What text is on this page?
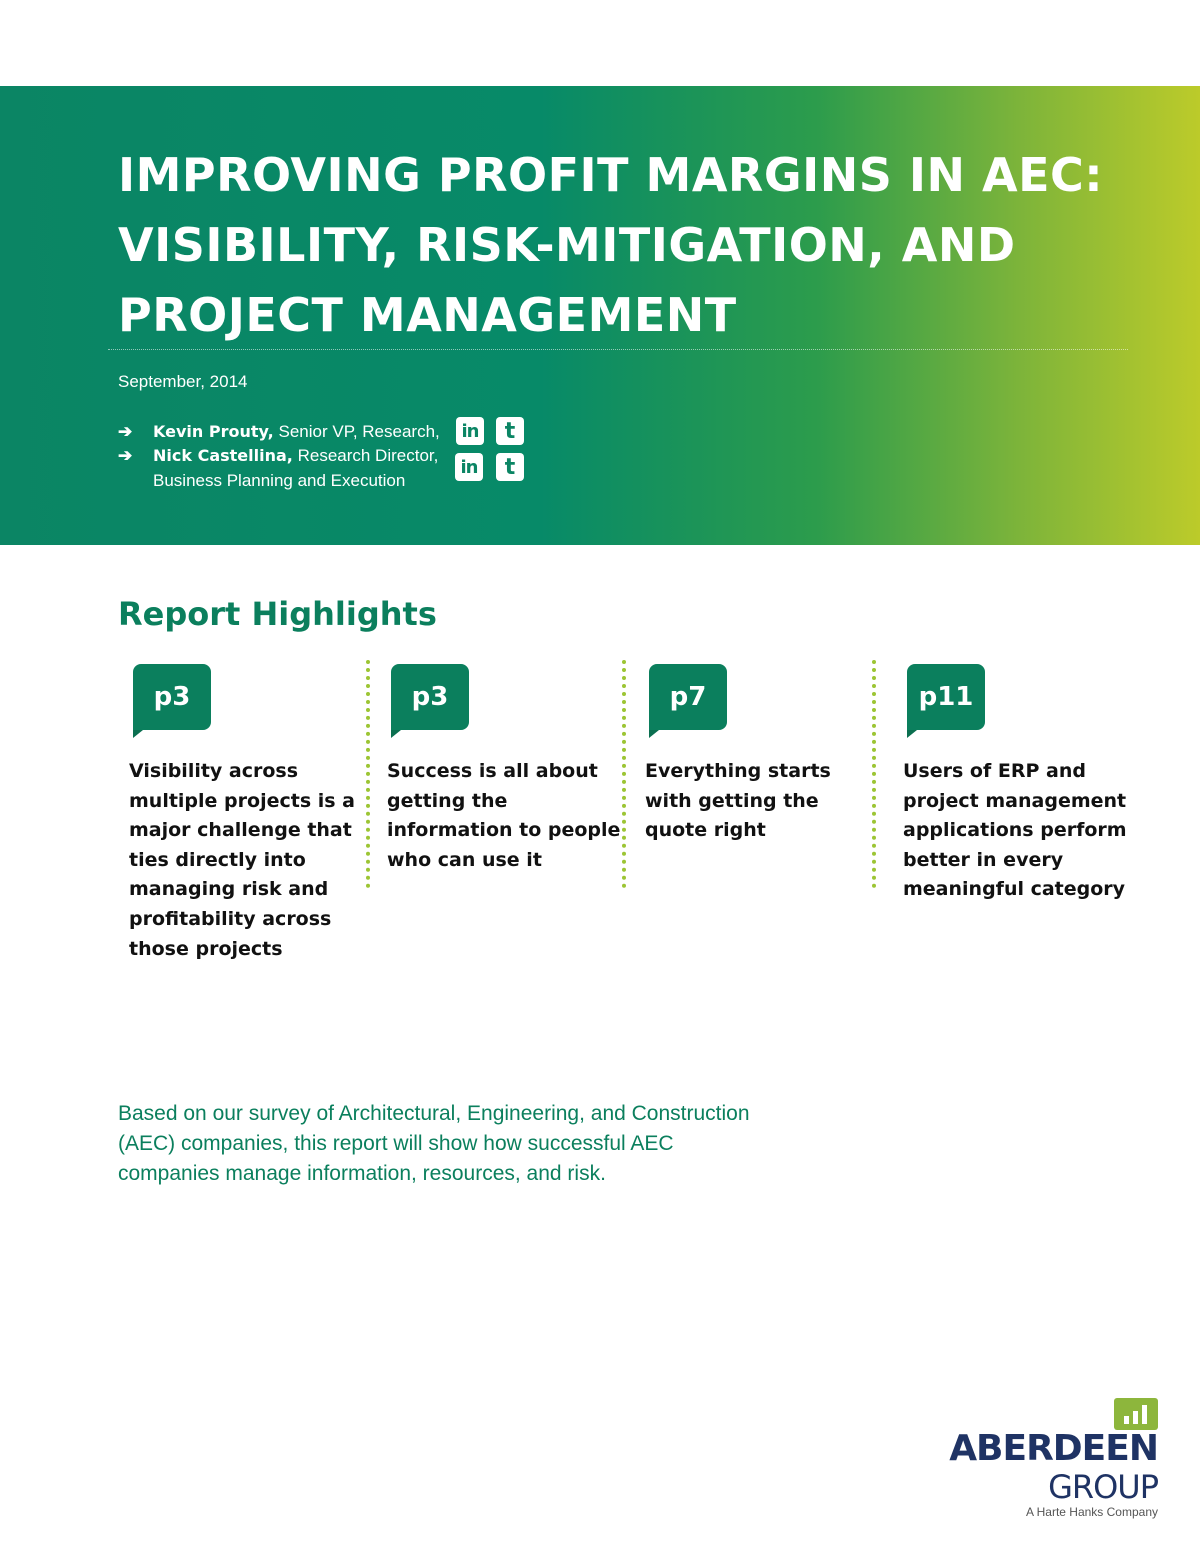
IMPROVING PROFIT MARGINS IN AEC:
VISIBILITY, RISK-MITIGATION, AND
PROJECT MANAGEMENT
September, 2014
➔ Kevin Prouty, Senior VP, Research,
➔ Nick Castellina, Research Director,
Business Planning and Execution
in	t
in	t
Report Highlights
p3
Visibility across multiple projects is a major challenge that ties directly into managing risk and profitability across those projects
p3
Success is all about getting the information to people who can use it
p7
Everything starts with getting the quote right
p11
Users of ERP and project management applications perform better in every meaningful category

Based on our survey of Architectural, Engineering, and Construction (AEC) companies, this report will show how successful AEC companies manage information, resources, and risk.

ABERDEEN
GROUP
A Harte Hanks Company
